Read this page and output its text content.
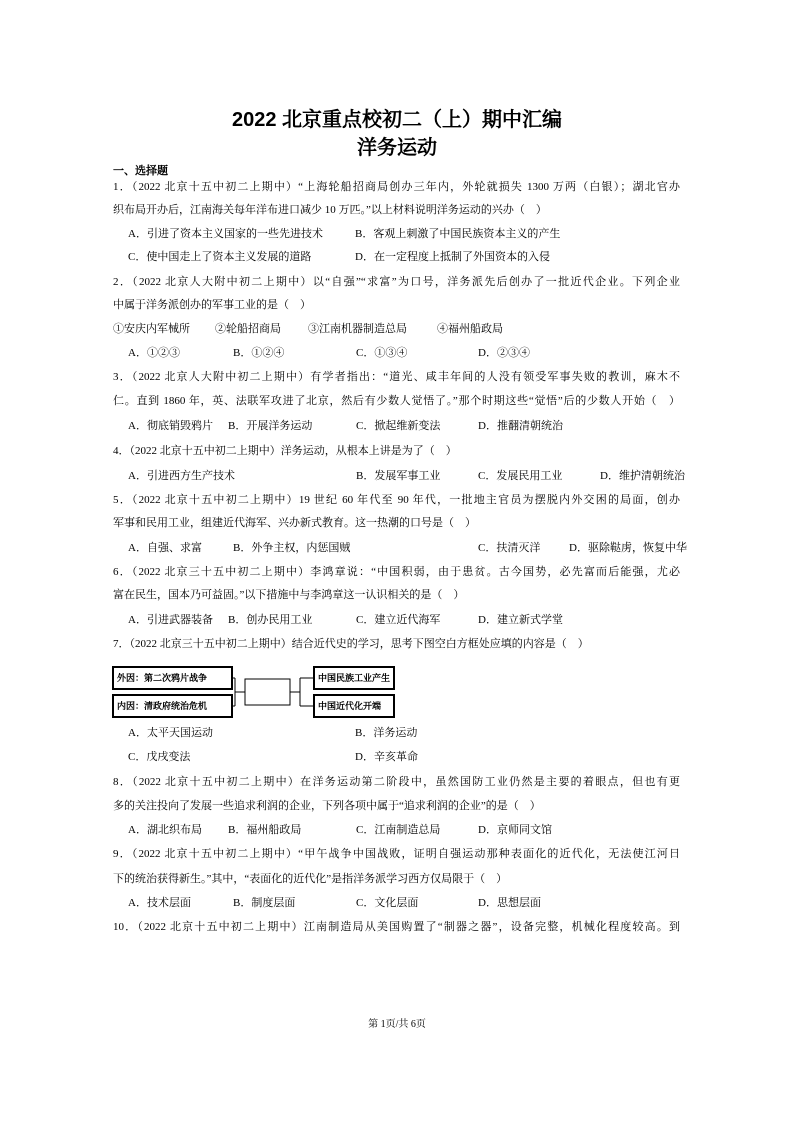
2022 北京重点校初二（上）期中汇编
洋务运动
一、选择题
1．（2022 北京十五中初二上期中）“上海轮船招商局创办三年内，外轮就损失 1300 万两（白银）；湖北官办
织布局开办后，江南海关每年洋布进口减少 10 万匹。”以上材料说明洋务运动的兴办（　）
A．引进了资本主义国家的一些先进技术	B．客观上刺激了中国民族资本主义的产生
C．使中国走上了资本主义发展的道路	D．在一定程度上抵制了外国资本的入侵
2．（2022 北京人大附中初二上期中）以“自强”“求富”为口号，洋务派先后创办了一批近代企业。下列企业
中属于洋务派创办的军事工业的是（　）
①安庆内军械所 ②轮船招商局 ③江南机器制造总局	④福州船政局
A．①②③	B．①②④	C．①③④	D．②③④
3．（2022 北京人大附中初二上期中）有学者指出：“道光、咸丰年间的人没有领受军事失败的教训，麻木不
仁。直到 1860 年，英、法联军攻进了北京，然后有少数人觉悟了。”那个时期这些“觉悟”后的少数人开始（　）
A．彻底销毁鸦片 B．开展洋务运动	C．掀起维新变法	D．推翻清朝统治
4．（2022 北京十五中初二上期中）洋务运动，从根本上讲是为了（　）
A．引进西方生产技术	B．发展军事工业	C．发展民用工业	D．维护清朝统治
5．（2022 北京十五中初二上期中）19 世纪 60 年代至 90 年代，一批地主官员为摆脱内外交困的局面，创办
军事和民用工业，组建近代海军、兴办新式教育。这一热潮的口号是（　）
A．自强、求富	B．外争主权，内惩国贼	C．扶清灭洋	D．驱除鞑虏，恢复中华
6．（2022 北京三十五中初二上期中）李鸿章说：“中国积弱，由于患贫。古今国势，必先富而后能强，尤必
富在民生，国本乃可益固。”以下措施中与李鸿章这一认识相关的是（　）
A．引进武器装备 B．创办民用工业	C．建立近代海军	D．建立新式学堂
7．（2022 北京三十五中初二上期中）结合近代史的学习，思考下图空白方框处应填的内容是（　）
外因：第二次鸦片战争
内因：清政府统治危机
中国民族工业产生
中国近代化开端
A．太平天国运动	B．洋务运动
C．戊戌变法	D．辛亥革命
8．（2022 北京十五中初二上期中）在洋务运动第二阶段中，虽然国防工业仍然是主要的着眼点，但也有更
多的关注投向了发展一些追求利润的企业，下列各项中属于“追求利润的企业”的是（　）
A．湖北织布局 B．福州船政局	C．江南制造总局	D．京师同文馆
9．（2022 北京十五中初二上期中）“甲午战争中国战败，证明自强运动那种表面化的近代化，无法使江河日
下的统治获得新生。”其中，“表面化的近代化”是指洋务派学习西方仅局限于（　）
A．技术层面	B．制度层面	C．文化层面	D．思想层面
10．（2022 北京十五中初二上期中）江南制造局从美国购置了“制器之器”，设备完整，机械化程度较高。到
第 1页/共 6页
